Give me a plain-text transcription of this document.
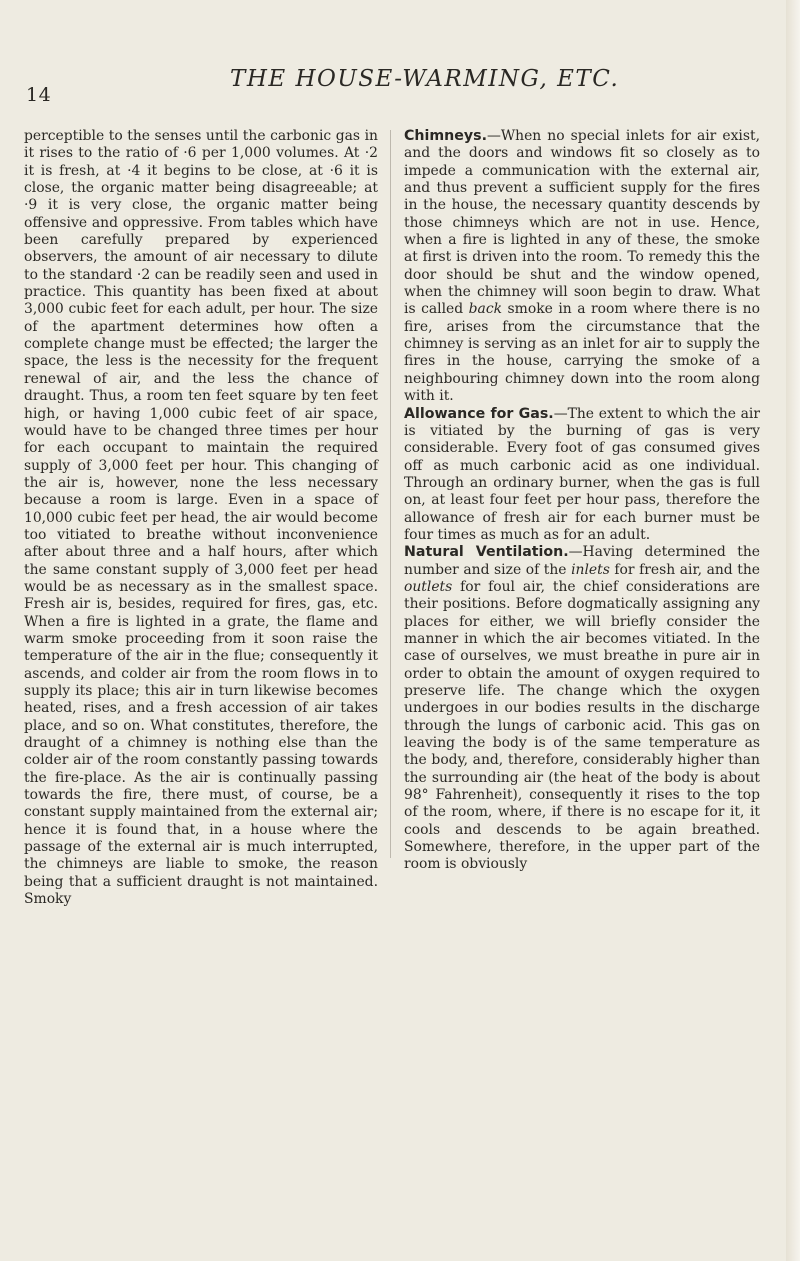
14
THE HOUSE-WARMING, ETC.

perceptible to the senses until the carbonic gas in it rises to the ratio of ·6 per 1,000 volumes. At ·2 it is fresh, at ·4 it begins to be close, at ·6 it is close, the organic matter being disagreeable; at ·9 it is very close, the organic matter being offensive and oppressive. From tables which have been carefully prepared by experienced observers, the amount of air necessary to dilute to the standard ·2 can be readily seen and used in practice. This quantity has been fixed at about 3,000 cubic feet for each adult, per hour. The size of the apartment determines how often a complete change must be effected; the larger the space, the less is the necessity for the frequent renewal of air, and the less the chance of draught. Thus, a room ten feet square by ten feet high, or having 1,000 cubic feet of air space, would have to be changed three times per hour for each occupant to maintain the required supply of 3,000 feet per hour. This changing of the air is, however, none the less necessary because a room is large. Even in a space of 10,000 cubic feet per head, the air would become too vitiated to breathe without inconvenience after about three and a half hours, after which the same constant supply of 3,000 feet per head would be as necessary as in the smallest space. Fresh air is, besides, required for fires, gas, etc. When a fire is lighted in a grate, the flame and warm smoke proceeding from it soon raise the temperature of the air in the flue; consequently it ascends, and colder air from the room flows in to supply its place; this air in turn likewise becomes heated, rises, and a fresh accession of air takes place, and so on. What constitutes, therefore, the draught of a chimney is nothing else than the colder air of the room constantly passing towards the fire-place. As the air is continually passing towards the fire, there must, of course, be a constant supply maintained from the external air; hence it is found that, in a house where the passage of the external air is much interrupted, the chimneys are liable to smoke, the reason being that a sufficient draught is not maintained. Smoky

Chimneys.—When no special inlets for air exist, and the doors and windows fit so closely as to impede a communication with the external air, and thus prevent a sufficient supply for the fires in the house, the necessary quantity descends by those chimneys which are not in use. Hence, when a fire is lighted in any of these, the smoke at first is driven into the room. To remedy this the door should be shut and the window opened, when the chimney will soon begin to draw. What is called back smoke in a room where there is no fire, arises from the circumstance that the chimney is serving as an inlet for air to supply the fires in the house, carrying the smoke of a neighbouring chimney down into the room along with it.

Allowance for Gas.—The extent to which the air is vitiated by the burning of gas is very considerable. Every foot of gas consumed gives off as much carbonic acid as one individual. Through an ordinary burner, when the gas is full on, at least four feet per hour pass, therefore the allowance of fresh air for each burner must be four times as much as for an adult.

Natural Ventilation.—Having determined the number and size of the inlets for fresh air, and the outlets for foul air, the chief considerations are their positions. Before dogmatically assigning any places for either, we will briefly consider the manner in which the air becomes vitiated. In the case of ourselves, we must breathe in pure air in order to obtain the amount of oxygen required to preserve life. The change which the oxygen undergoes in our bodies results in the discharge through the lungs of carbonic acid. This gas on leaving the body is of the same temperature as the body, and, therefore, considerably higher than the surrounding air (the heat of the body is about 98° Fahrenheit), consequently it rises to the top of the room, where, if there is no escape for it, it cools and descends to be again breathed. Somewhere, therefore, in the upper part of the room is obviously
